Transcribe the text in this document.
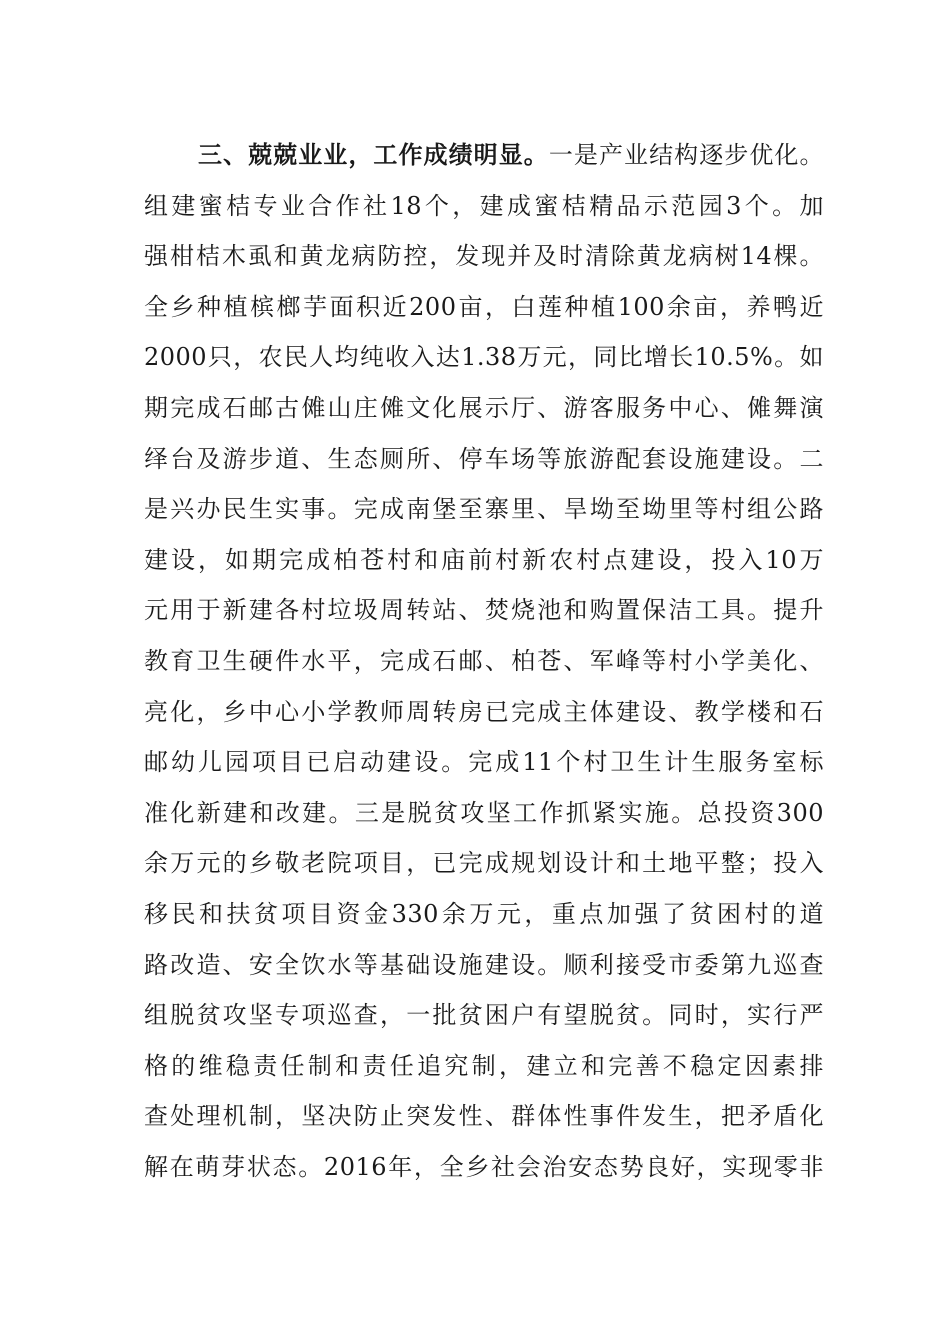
三、兢兢业业，工作成绩明显。一是产业结构逐步优化。
组建蜜桔专业合作社18个，建成蜜桔精品示范园3个。加
强柑桔木虱和黄龙病防控，发现并及时清除黄龙病树14棵。
全乡种植槟榔芋面积近200亩，白莲种植100余亩，养鸭近
2000只，农民人均纯收入达1.38万元，同比增长10.5%。如
期完成石邮古傩山庄傩文化展示厅、游客服务中心、傩舞演
绎台及游步道、生态厕所、停车场等旅游配套设施建设。二
是兴办民生实事。完成南堡至寨里、旱坳至坳里等村组公路
建设，如期完成柏苍村和庙前村新农村点建设，投入10万
元用于新建各村垃圾周转站、焚烧池和购置保洁工具。提升
教育卫生硬件水平，完成石邮、柏苍、军峰等村小学美化、
亮化，乡中心小学教师周转房已完成主体建设、教学楼和石
邮幼儿园项目已启动建设。完成11个村卫生计生服务室标
准化新建和改建。三是脱贫攻坚工作抓紧实施。总投资300
余万元的乡敬老院项目，已完成规划设计和土地平整；投入
移民和扶贫项目资金330余万元，重点加强了贫困村的道
路改造、安全饮水等基础设施建设。顺利接受市委第九巡查
组脱贫攻坚专项巡查，一批贫困户有望脱贫。同时，实行严
格的维稳责任制和责任追究制，建立和完善不稳定因素排
查处理机制，坚决防止突发性、群体性事件发生，把矛盾化
解在萌芽状态。2016年，全乡社会治安态势良好，实现零非
